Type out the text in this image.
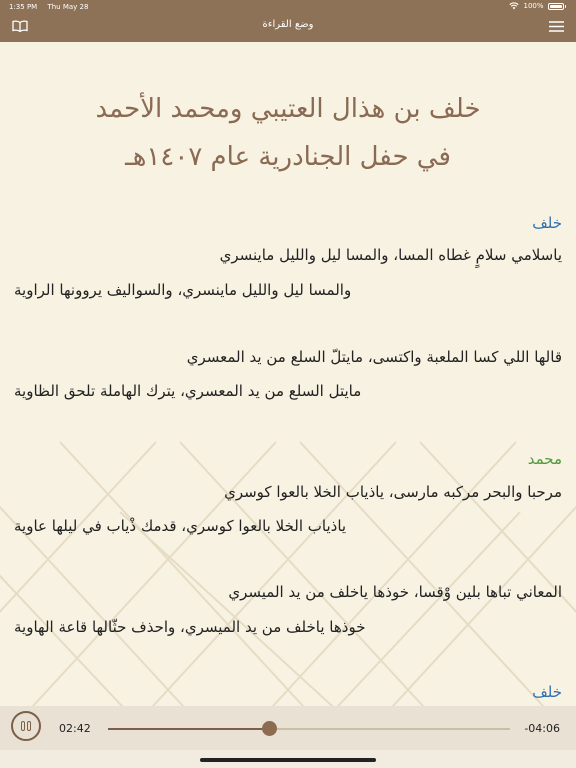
1:35 PM Thu May 28	100%
وضع القراءة
خلف بن هذال العتيبي ومحمد الأحمد
في حفل الجنادرية عام ١٤٠٧هـ
خلف
ياسلامي سلامٍ غطاه المسا، والمسا ليل والليل ماينسري
والمسا ليل والليل ماينسري، والسواليف يروونها الراوية
قالها اللي كسا الملعبة واكتسى، مايتلّ السلع من يد المعسري
مايتل السلع من يد المعسري، يترك الهاملة تلحق الظاوية
محمد
مرحبا والبحر مركبه مارسى، ياذياب الخلا بالعوا كوسري
ياذياب الخلا بالعوا كوسري، قدمك ذْياب في ليلها عاوية
المعاني تباها بلين وْقسا، خوذها ياخلف من يد الميسري
خوذها ياخلف من يد الميسري، واحذف حثّالها قاعة الهاوية
خلف
02:42	-04:06
